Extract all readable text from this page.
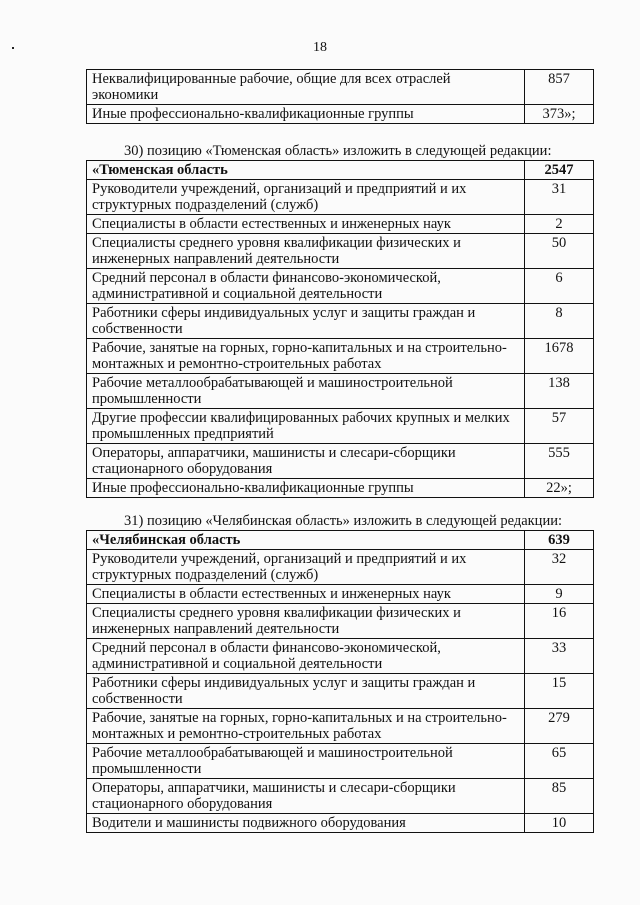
18
Неквалифицированные рабочие, общие для всех отраслей экономики	857
Иные профессионально-квалификационные группы	373»;
30) позицию «Тюменская область» изложить в следующей редакции:
«Тюменская область	2547
Руководители учреждений, организаций и предприятий и их структурных подразделений (служб)	31
Специалисты в области естественных и инженерных наук	2
Специалисты среднего уровня квалификации физических и инженерных направлений деятельности	50
Средний персонал в области финансово-экономической, административной и социальной деятельности	6
Работники сферы индивидуальных услуг и защиты граждан и собственности	8
Рабочие, занятые на горных, горно-капитальных и на строительно-монтажных и ремонтно-строительных работах	1678
Рабочие металлообрабатывающей и машиностроительной промышленности	138
Другие профессии квалифицированных рабочих крупных и мелких промышленных предприятий	57
Операторы, аппаратчики, машинисты и слесари-сборщики стационарного оборудования	555
Иные профессионально-квалификационные группы	22»;
31) позицию «Челябинская область» изложить в следующей редакции:
«Челябинская область	639
Руководители учреждений, организаций и предприятий и их структурных подразделений (служб)	32
Специалисты в области естественных и инженерных наук	9
Специалисты среднего уровня квалификации физических и инженерных направлений деятельности	16
Средний персонал в области финансово-экономической, административной и социальной деятельности	33
Работники сферы индивидуальных услуг и защиты граждан и собственности	15
Рабочие, занятые на горных, горно-капитальных и на строительно-монтажных и ремонтно-строительных работах	279
Рабочие металлообрабатывающей и машиностроительной промышленности	65
Операторы, аппаратчики, машинисты и слесари-сборщики стационарного оборудования	85
Водители и машинисты подвижного оборудования	10
